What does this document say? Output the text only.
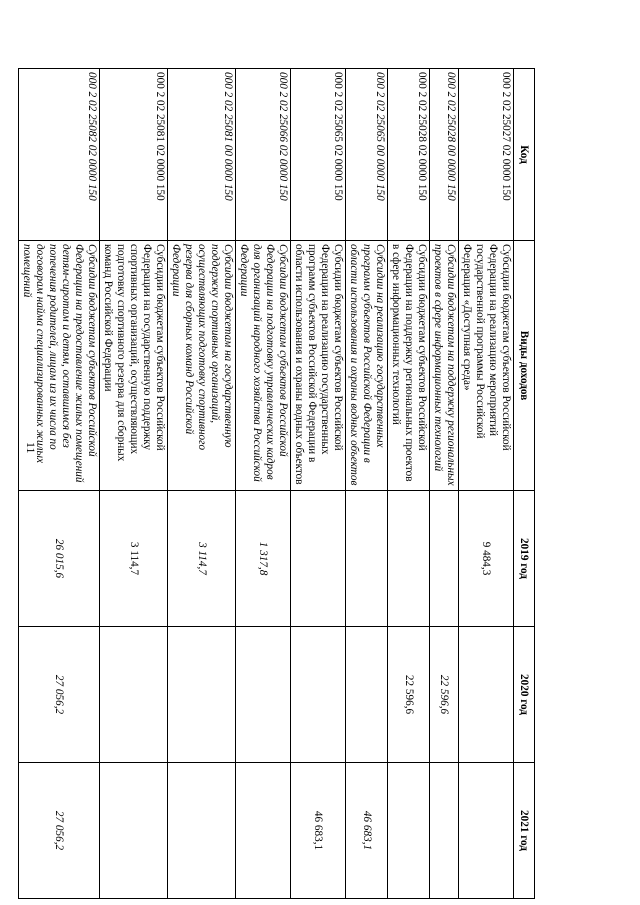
11
Код	Виды доходов	2019 год	2020 год	2021 год
000 2 02 25027 02 0000 150	Субсидии бюджетам субъектов Российской Федерации на реализацию мероприятий государственной программы Российской Федерации «Доступная среда»	9 484,3		
000 2 02 25028 00 0000 150	Субсидии бюджетам на поддержку региональных проектов в сфере информационных технологий		22 596,6	
000 2 02 25028 02 0000 150	Субсидии бюджетам субъектов Российской Федерации на поддержку региональных проектов в сфере информационных технологий		22 596,6	
000 2 02 25065 00 0000 150	Субсидии на реализацию государственных программ субъектов Российской Федерации в области использования и охраны водных объектов			46 683,1
000 2 02 25065 02 0000 150	Субсидии бюджетам субъектов Российской Федерации на реализацию государственных программ субъектов Российской Федерации в области использования и охраны водных объектов			46 683,1
000 2 02 25066 02 0000 150	Субсидии бюджетам субъектов Российской Федерации на подготовку управленческих кадров для организаций народного хозяйства Российской Федерации	1 317,8		
000 2 02 25081 00 0000 150	Субсидии бюджетам на государственную поддержку спортивных организаций, осуществляющих подготовку спортивного резерва для сборных команд Российской Федерации	3 114,7		
000 2 02 25081 02 0000 150	Субсидии бюджетам субъектов Российской Федерации на государственную поддержку спортивных организаций, осуществляющих подготовку спортивного резерва для сборных команд Российской Федерации	3 114,7		
000 2 02 25082 02 0000 150	Субсидии бюджетам субъектов Российской Федерации на предоставление жилых помещений детям-сиротам и детям, оставшимся без попечения родителей, лицам из их числа по договорам найма специализированных жилых помещений	26 015,6	27 056,2	27 056,2
